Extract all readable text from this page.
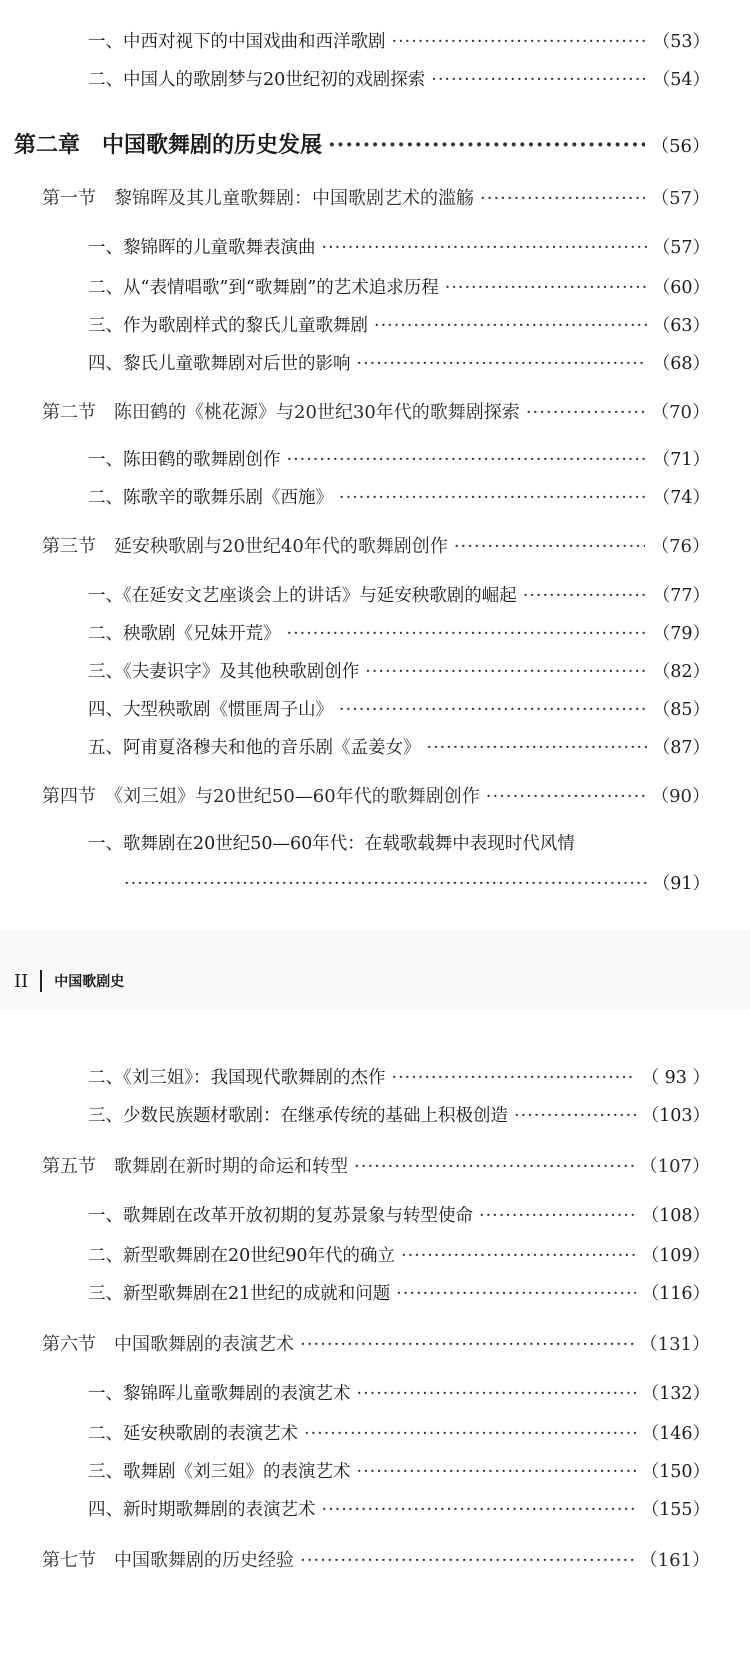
一、中西对视下的中国戏曲和西洋歌剧 ·····	（53）
二、中国人的歌剧梦与20世纪初的戏剧探索 ·····	（54）
第二章　中国歌舞剧的历史发展 ·····	（56）
第一节　黎锦晖及其儿童歌舞剧：中国歌剧艺术的滥觞 ·····	（57）
一、黎锦晖的儿童歌舞表演曲 ·····	（57）
二、从“表情唱歌”到“歌舞剧”的艺术追求历程 ·····	（60）
三、作为歌剧样式的黎氏儿童歌舞剧 ·····	（63）
四、黎氏儿童歌舞剧对后世的影响 ·····	（68）
第二节　陈田鹤的《桃花源》与20世纪30年代的歌舞剧探索 ·····	（70）
一、陈田鹤的歌舞剧创作 ·····	（71）
二、陈歌辛的歌舞乐剧《西施》 ·····	（74）
第三节　延安秧歌剧与20世纪40年代的歌舞剧创作 ·····	（76）
一、《在延安文艺座谈会上的讲话》与延安秧歌剧的崛起 ·····	（77）
二、秧歌剧《兄妹开荒》 ·····	（79）
三、《夫妻识字》及其他秧歌剧创作 ·····	（82）
四、大型秧歌剧《惯匪周子山》 ·····	（85）
五、阿甫夏洛穆夫和他的音乐剧《孟姜女》 ·····	（87）
第四节　《刘三姐》与20世纪50—60年代的歌舞剧创作 ·····	（90）
一、歌舞剧在20世纪50—60年代：在载歌载舞中表现时代风情
·····
（91）
II 中国歌剧史
二、《刘三姐》：我国现代歌舞剧的杰作 ·····	（ 93 ）
三、少数民族题材歌剧：在继承传统的基础上积极创造 ·····	（103）
第五节　歌舞剧在新时期的命运和转型 ·····	（107）
一、歌舞剧在改革开放初期的复苏景象与转型使命 ·····	（108）
二、新型歌舞剧在20世纪90年代的确立 ·····	（109）
三、新型歌舞剧在21世纪的成就和问题 ·····	（116）
第六节　中国歌舞剧的表演艺术 ·····	（131）
一、黎锦晖儿童歌舞剧的表演艺术 ·····	（132）
二、延安秧歌剧的表演艺术 ·····	（146）
三、歌舞剧《刘三姐》的表演艺术 ·····	（150）
四、新时期歌舞剧的表演艺术 ·····	（155）
第七节　中国歌舞剧的历史经验 ·····	（161）
